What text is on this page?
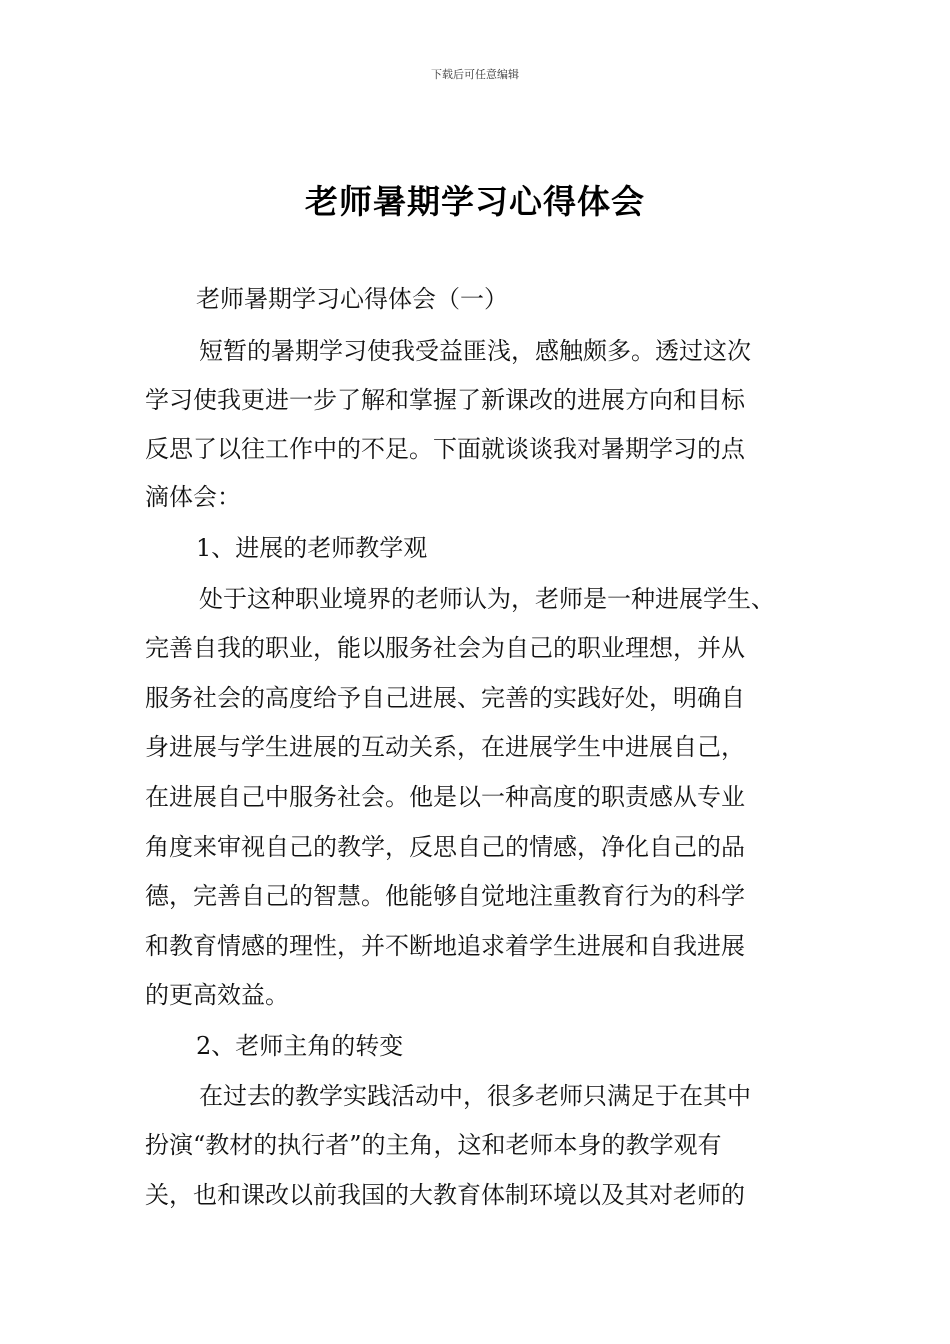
下载后可任意编辑
老师暑期学习心得体会
老师暑期学习心得体会（一）
短暂的暑期学习使我受益匪浅，感触颇多。透过这次
学习使我更进一步了解和掌握了新课改的进展方向和目标
反思了以往工作中的不足。下面就谈谈我对暑期学习的点
滴体会：
1、进展的老师教学观
处于这种职业境界的老师认为，老师是一种进展学生、
完善自我的职业，能以服务社会为自己的职业理想，并从
服务社会的高度给予自己进展、完善的实践好处，明确自
身进展与学生进展的互动关系，在进展学生中进展自己，
在进展自己中服务社会。他是以一种高度的职责感从专业
角度来审视自己的教学，反思自己的情感，净化自己的品
德，完善自己的智慧。他能够自觉地注重教育行为的科学
和教育情感的理性，并不断地追求着学生进展和自我进展
的更高效益。
2、老师主角的转变
在过去的教学实践活动中，很多老师只满足于在其中
扮演“教材的执行者”的主角，这和老师本身的教学观有
关，也和课改以前我国的大教育体制环境以及其对老师的
